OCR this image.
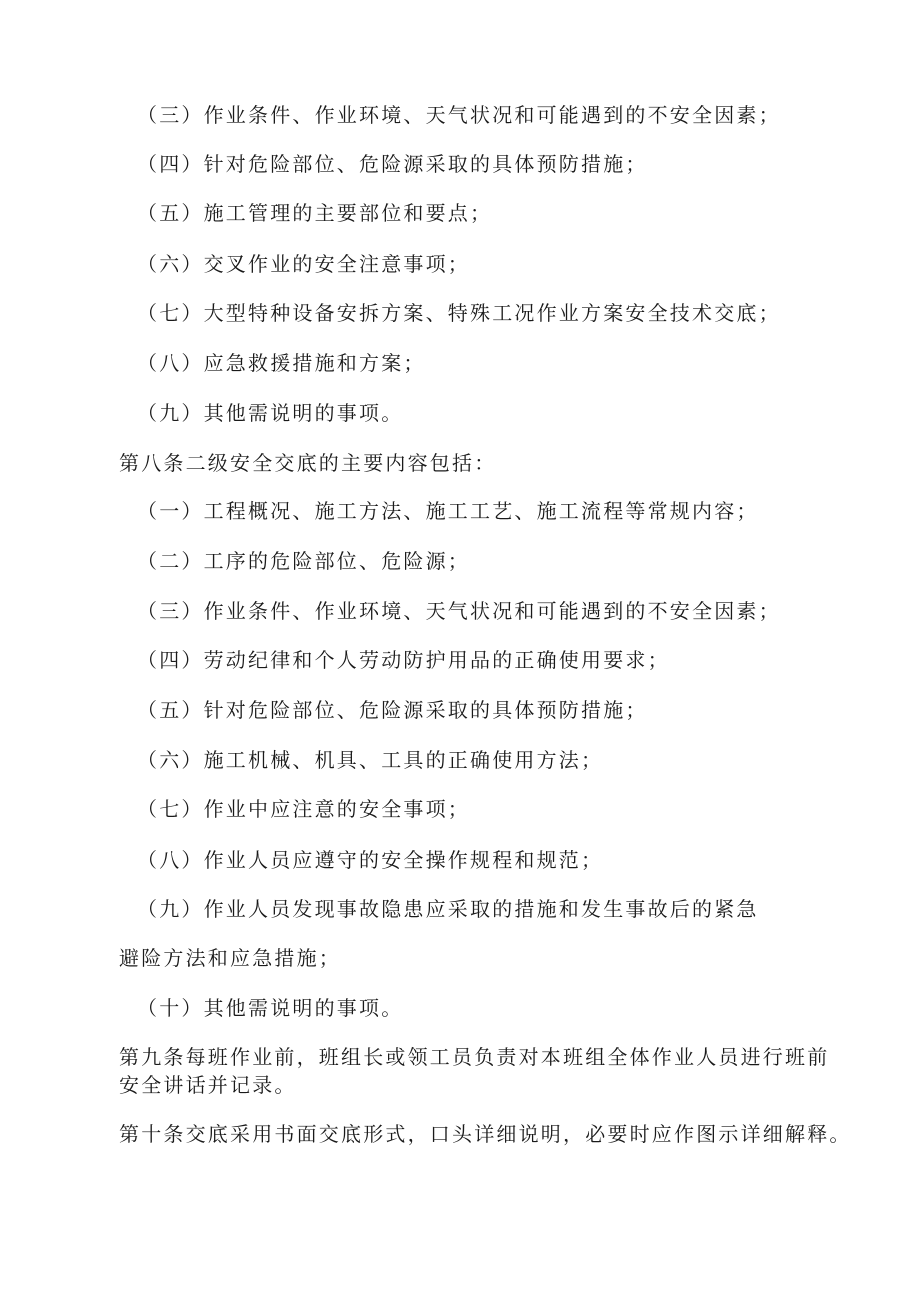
（三）作业条件、作业环境、天气状况和可能遇到的不安全因素；
（四）针对危险部位、危险源采取的具体预防措施；
（五）施工管理的主要部位和要点；
（六）交叉作业的安全注意事项；
（七）大型特种设备安拆方案、特殊工况作业方案安全技术交底；
（八）应急救援措施和方案；
（九）其他需说明的事项。
第八条二级安全交底的主要内容包括：
（一）工程概况、施工方法、施工工艺、施工流程等常规内容；
（二）工序的危险部位、危险源；
（三）作业条件、作业环境、天气状况和可能遇到的不安全因素；
（四）劳动纪律和个人劳动防护用品的正确使用要求；
（五）针对危险部位、危险源采取的具体预防措施；
（六）施工机械、机具、工具的正确使用方法；
（七）作业中应注意的安全事项；
（八）作业人员应遵守的安全操作规程和规范；
（九）作业人员发现事故隐患应采取的措施和发生事故后的紧急
避险方法和应急措施；
（十）其他需说明的事项。
第九条每班作业前，班组长或领工员负责对本班组全体作业人员进行班前
安全讲话并记录。
第十条交底采用书面交底形式，口头详细说明，必要时应作图示详细解释。
